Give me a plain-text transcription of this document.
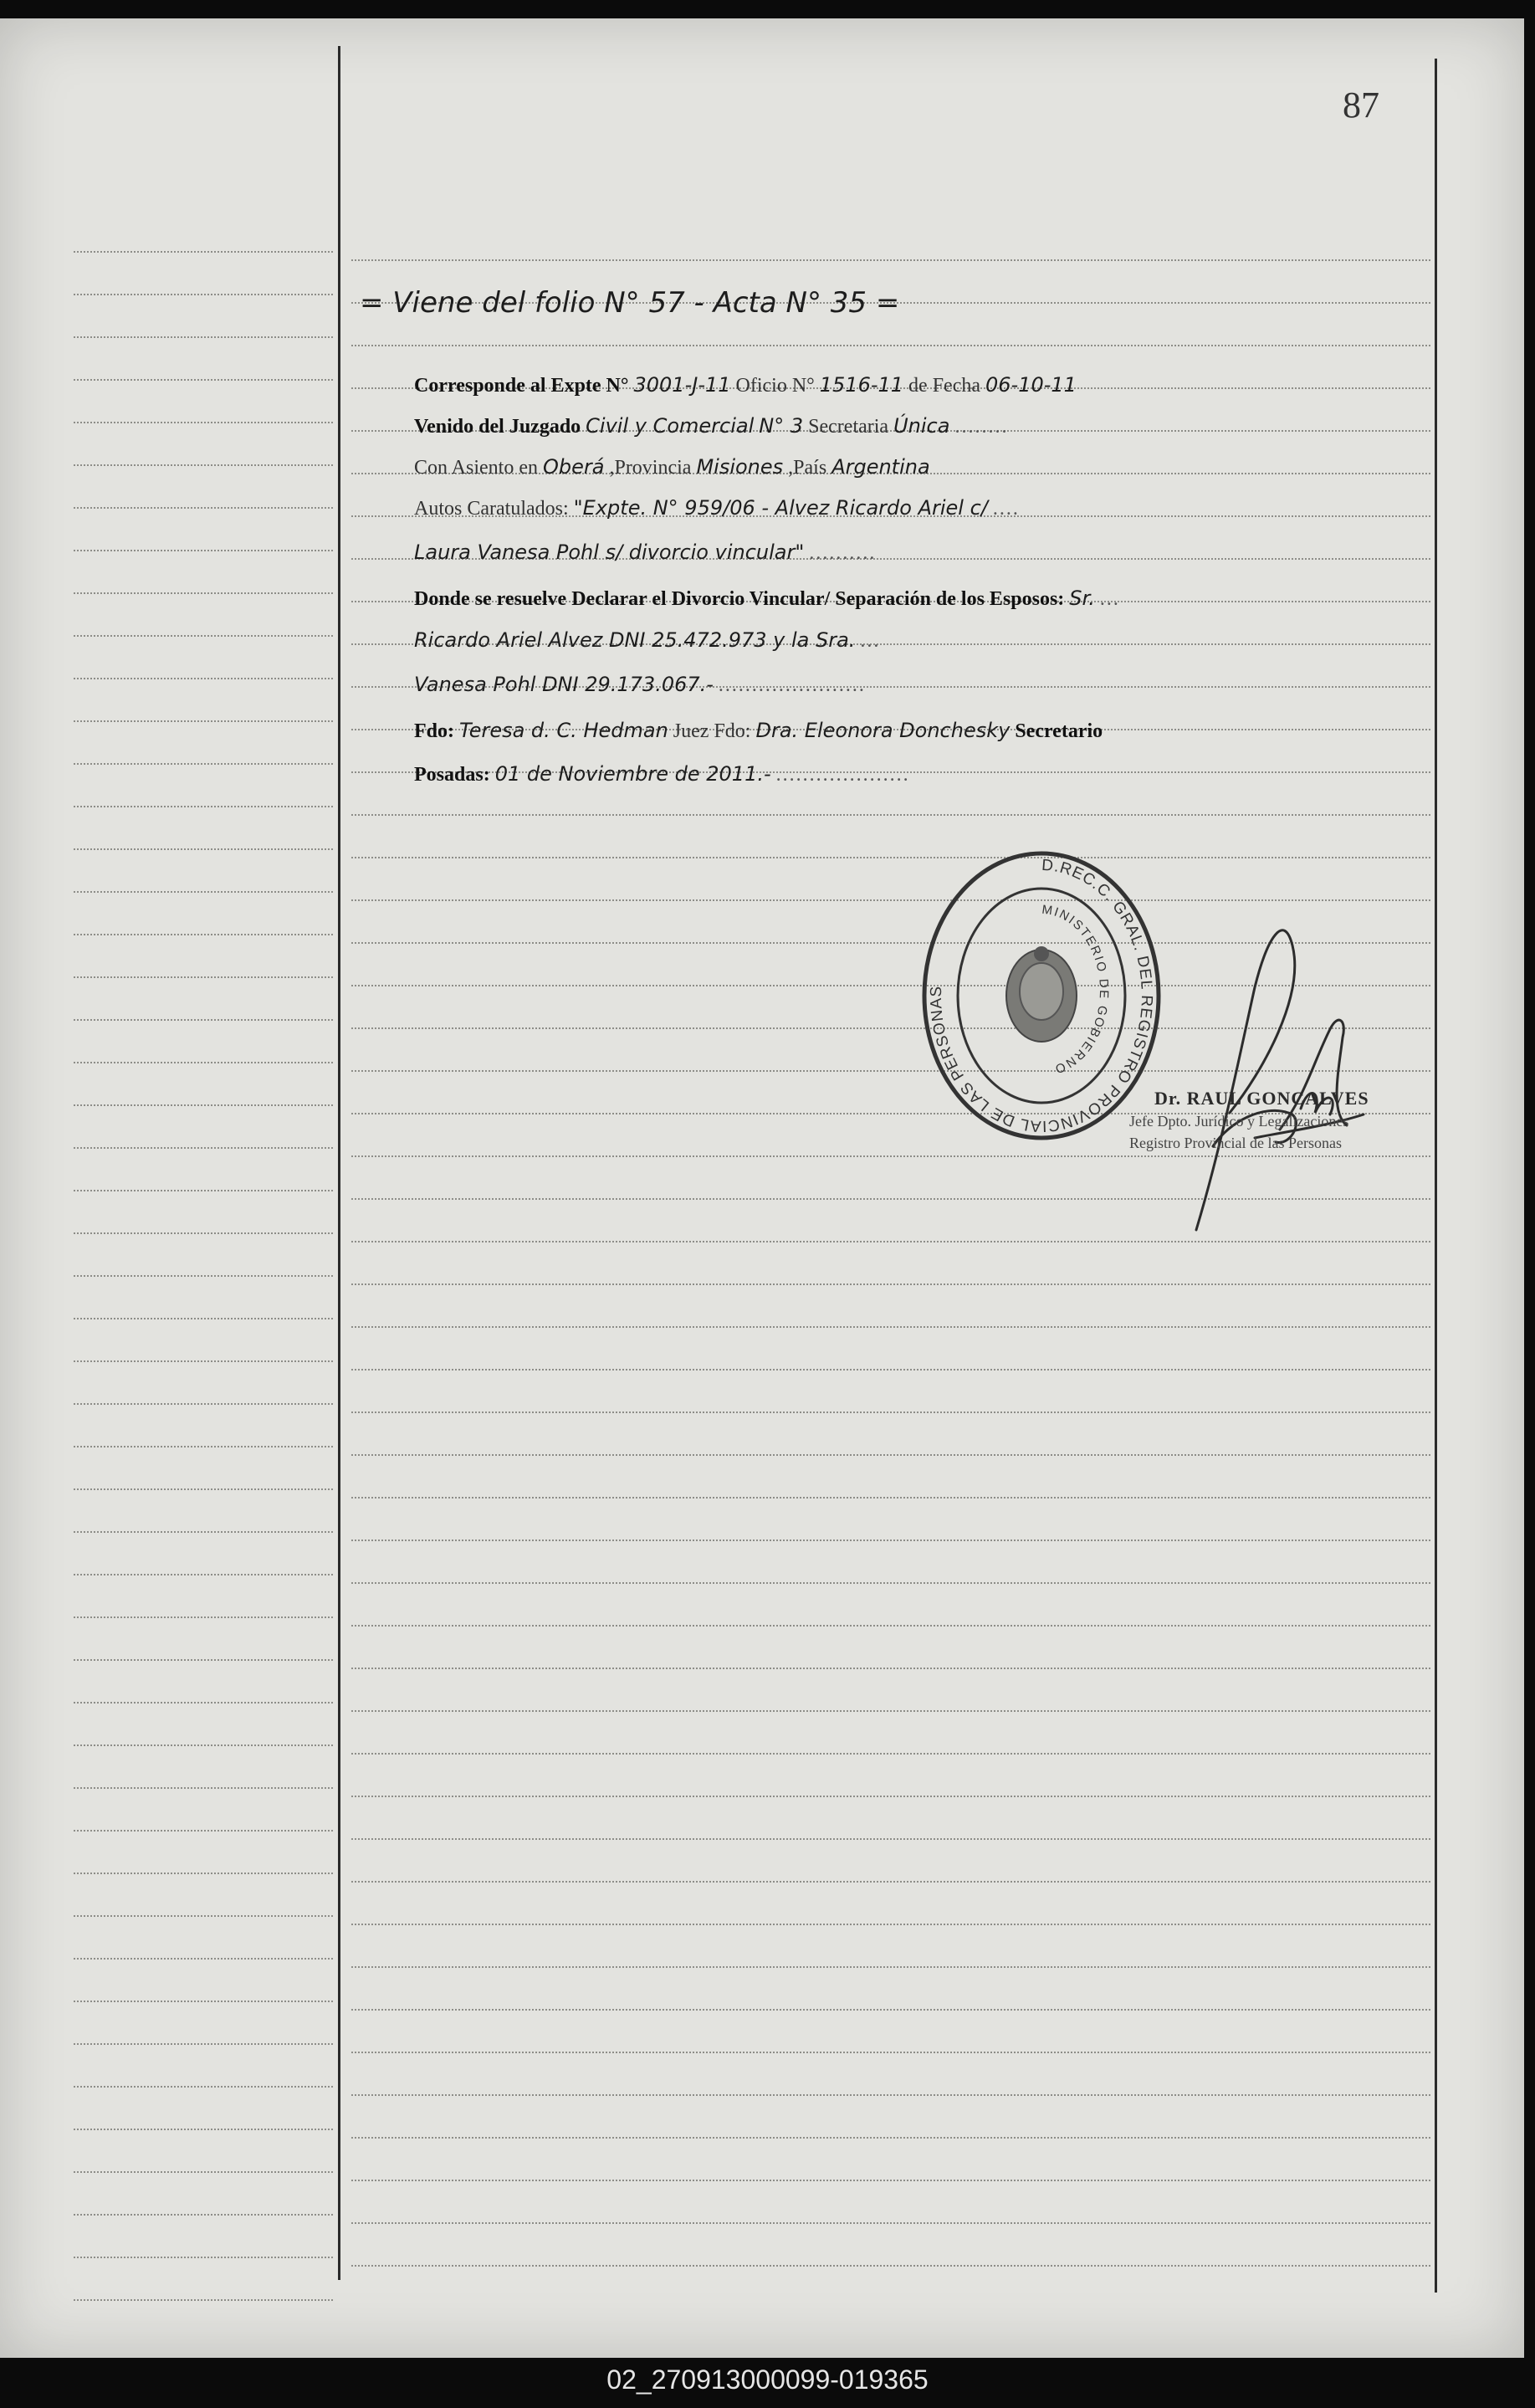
87
= Viene del folio N° 57 - Acta N° 35 =
Corresponde al Expte N° 3001-J-11 Oficio N° 1516-11 de Fecha 06-10-11
Venido del Juzgado Civil y Comercial N° 3 Secretaria Única ........
Con Asiento en Oberá ,Provincia Misiones ,País Argentina
Autos Caratulados: "Expte. N° 959/06 - Alvez Ricardo Ariel c/ ....
Laura Vanesa Pohl s/ divorcio vincular" ..........
Donde se resuelve Declarar el Divorcio Vincular/ Separación de los Esposos: Sr. ...
Ricardo Ariel Alvez DNI 25.472.973 y la Sra. ...
Vanesa Pohl DNI 29.173.067.- ......................
Fdo: Teresa d. C. Hedman Juez Fdo: Dra. Eleonora Donchesky Secretario
Posadas: 01 de Noviembre de 2011.- ....................
D.REC.C. GRAL. DEL REGISTRO PROVINCIAL DE LAS PERSONAS
MINISTERIO DE GOBIERNO
Dr. RAUL GONCALVES
Jefe Dpto. Jurídico y Legalizaciones
Registro Provincial de las Personas
02_270913000099-019365
